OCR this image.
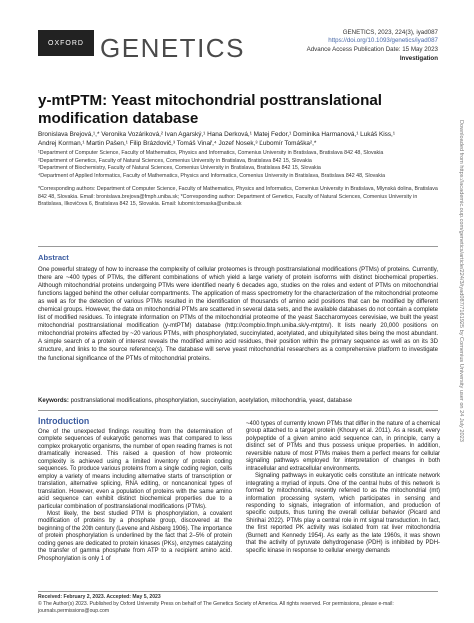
OXFORD GENETICS
GENETICS, 2023, 224(3), iyad087
https://doi.org/10.1093/genetics/iyad087
Advance Access Publication Date: 15 May 2023
Investigation
y-mtPTM: Yeast mitochondrial posttranslational modification database
Bronislava Brejová,¹,* Veronika Vozáriková,² Ivan Agarský,¹ Hana Derková,¹ Matej Fedor,¹ Dominika Harmanová,¹ Lukáš Kiss,¹
Andrej Korman,¹ Martin Pašen,¹ Filip Brázdovič,³ Tomáš Vinař,⁴ Jozef Nosek,³ Ľubomír Tomáška²,*

¹Department of Computer Science, Faculty of Mathematics, Physics and Informatics, Comenius University in Bratislava, Bratislava 842 48, Slovakia

²Department of Genetics, Faculty of Natural Sciences, Comenius University in Bratislava, Bratislava 842 15, Slovakia

³Department of Biochemistry, Faculty of Natural Sciences, Comenius University in Bratislava, Bratislava 842 15, Slovakia

⁴Department of Applied Informatics, Faculty of Mathematics, Physics and Informatics, Comenius University in Bratislava, Bratislava 842 48, Slovakia

*Corresponding authors: Department of Computer Science, Faculty of Mathematics, Physics and Informatics, Comenius University in Bratislava, Mlynská dolina, Bratislava 842 48, Slovakia. Email: bronislava.brejova@fmph.uniba.sk; *Corresponding author: Department of Genetics, Faculty of Natural Sciences, Comenius University in Bratislava, Ilkovičova 6, Bratislava 842 15, Slovakia. Email: lubomir.tomaska@uniba.sk

Abstract
One powerful strategy of how to increase the complexity of cellular proteomes is through posttranslational modifications (PTMs) of proteins. Currently, there are ~400 types of PTMs, the different combinations of which yield a large variety of protein isoforms with distinct biochemical properties. Although mitochondrial proteins undergoing PTMs were identified nearly 6 decades ago, studies on the roles and extent of PTMs on mitochondrial functions lagged behind the other cellular compartments. The application of mass spectrometry for the characterization of the mitochondrial proteome as well as for the detection of various PTMs resulted in the identification of thousands of amino acid positions that can be modified by different chemical groups. However, the data on mitochondrial PTMs are scattered in several data sets, and the available databases do not contain a complete list of modified residues. To integrate information on PTMs of the mitochondrial proteome of the yeast Saccharomyces cerevisiae, we built the yeast mitochondrial posttranslational modification (y-mtPTM) database (http://compbio.fmph.uniba.sk/y-mtptm/). It lists nearly 20,000 positions on mitochondrial proteins affected by ~20 various PTMs, with phosphorylated, succinylated, acetylated, and ubiquitylated sites being the most abundant. A simple search of a protein of interest reveals the modified amino acid residues, their position within the primary sequence as well as on its 3D structure, and links to the source reference(s). The database will serve yeast mitochondrial researchers as a comprehensive platform to investigate the functional significance of the PTMs of mitochondrial proteins.
Keywords: posttranslational modifications, phosphorylation, succinylation, acetylation, mitochondria, yeast, database
Introduction

One of the unexpected findings resulting from the determination of complete sequences of eukaryotic genomes was that compared to less complex prokaryotic organisms, the number of open reading frames is not dramatically increased. This raised a question of how proteomic complexity is achieved using a limited inventory of protein coding sequences. To produce various proteins from a single coding region, cells employ a variety of means including alternative starts of transcription or translation, alternative splicing, RNA editing, or noncanonical types of translation. However, even a population of proteins with the same amino acid sequence can exhibit distinct biochemical properties due to a particular combination of posttranslational modifications (PTMs).

Most likely, the best studied PTM is phosphorylation, a covalent modification of proteins by a phosphate group, discovered at the beginning of the 20th century (Levene and Alsberg 1906). The importance of protein phosphorylation is underlined by the fact that 2–5% of protein coding genes are dedicated to protein kinases (PKs), enzymes catalyzing the transfer of gamma phosphate from ATP to a recipient amino acid. Phosphorylation is only 1 of

~400 types of currently known PTMs that differ in the nature of a chemical group attached to a target protein (Khoury et al. 2011). As a result, every polypeptide of a given amino acid sequence can, in principle, carry a distinct set of PTMs and thus possess unique properties. In addition, reversible nature of most PTMs makes them a perfect means for cellular signaling pathways employed for interpretation of changes in both intracellular and extracellular environments.

Signaling pathways in eukaryotic cells constitute an intricate network integrating a myriad of inputs. One of the central hubs of this network is formed by mitochondria, recently referred to as the mitochondrial (mt) information processing system, which participates in sensing and responding to signals, integration of information, and production of specific outputs, thus tuning the overall cellular behavior (Picard and Shirihai 2022). PTMs play a central role in mt signal transduction. In fact, the first reported PK activity was isolated from rat liver mitochondria (Burnett and Kennedy 1954). As early as the late 1960s, it was shown that the activity of pyruvate dehydrogenase (PDH) is inhibited by PDH-specific kinase in response to cellular energy demands

Received: February 2, 2023. Accepted: May 5, 2023
© The Author(s) 2023. Published by Oxford University Press on behalf of The Genetics Society of America. All rights reserved. For permissions, please e-mail: journals.permissions@oup.com
Downloaded from https://academic.oup.com/genetics/article/224/3/iyad087/7161925 by Comenius University user on 24 July 2023
